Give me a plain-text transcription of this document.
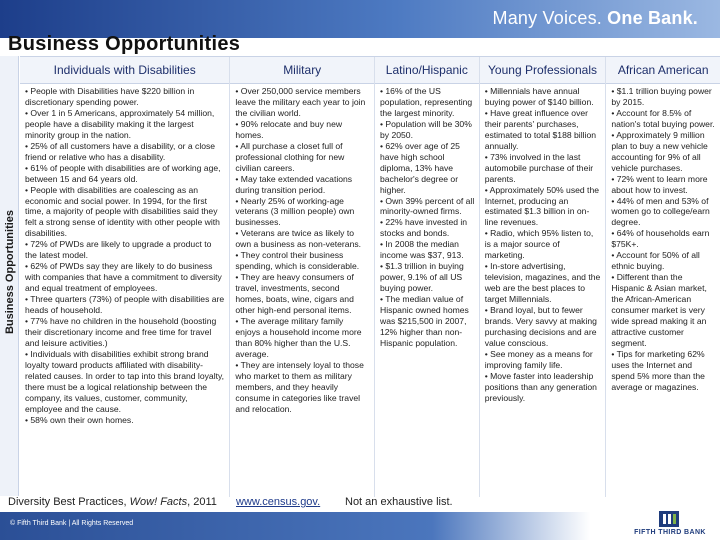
Many Voices. One Bank.
Business Opportunities
Business Opportunities
Individuals with Disabilities

• People with Disabilities have $220 billion in discretionary spending power.

• Over 1 in 5 Americans, approximately 54 million, people have a disability making it the largest minority group in the nation.

• 25% of all customers have a disability, or a close friend or relative who has a disability.

• 61% of people with disabilities are of working age, between 15 and 64 years old.

• People with disabilities are coalescing as an economic and social power. In 1994, for the first time, a majority of people with disabilities said they felt a strong sense of identity with other people with disabilities.

• 72% of PWDs are likely to upgrade a product to the latest model.

• 62% of PWDs say they are likely to do business with companies that have a commitment to diversity and equal treatment of employees.

• Three quarters (73%) of people with disabilities are heads of household.

• 77% have no children in the household (boosting their discretionary income and free time for travel and leisure activities.)

• Individuals with disabilities exhibit strong brand loyalty toward products affiliated with disability-related causes. In order to tap into this brand loyalty, there must be a logical relationship between the company, its values, customer, community, employee and the cause.

• 58% own their own homes.

Military

• Over 250,000 service members leave the military each year to join the civilian world.

• 90% relocate and buy new homes.

• All purchase a closet full of professional clothing for new civilian careers.

• May take extended vacations during transition period.

• Nearly 25% of working-age veterans (3 million people) own businesses.

• Veterans are twice as likely to own a business as non-veterans.

• They control their business spending, which is considerable.

• They are heavy consumers of travel, investments, second homes, boats, wine, cigars and other high-end personal items.

• The average military family enjoys a household income more than 80% higher than the U.S. average.

• They are intensely loyal to those who market to them as military members, and they heavily consume in categories like travel and relocation.

Latino/Hispanic

• 16% of the US population, representing the largest minority.

• Population will be 30% by 2050.

• 62% over age of 25 have high school diploma, 13% have bachelor's degree or higher.

• Own 39% percent of all minority-owned firms.

• 22% have invested in stocks and bonds.

• In 2008 the median income was $37, 913.

• $1.3 trillion in buying power, 9.1% of all US buying power.

• The median value of Hispanic owned homes was $215,500 in 2007, 12% higher than non-Hispanic population.

Young Professionals

• Millennials have annual buying power of $140 billion.

• Have great influence over their parents' purchases, estimated to total $188 billion annually.

• 73% involved in the last automobile purchase of their parents.

• Approximately 50% used the Internet, producing an estimated $1.3 billion in on-line revenues.

• Radio, which 95% listen to, is a major source of marketing.

• In-store advertising, television, magazines, and the web are the best places to target Millennials.

• Brand loyal, but to fewer brands. Very savvy at making purchasing decisions and are value conscious.

• See money as a means for improving family life.

• Move faster into leadership positions than any generation previously.

African American

• $1.1 trillion buying power by 2015.

• Account for 8.5% of nation's total buying power.

• Approximately 9 million plan to buy a new vehicle accounting for 9% of all vehicle purchases.

• 72% went to learn more about how to invest.

• 44% of men and 53% of women go to college/earn degree.

• 64% of households earn $75K+.

• Account for 50% of all ethnic buying.

• Different than the Hispanic & Asian market, the African-American consumer market is very wide spread making it an attractive customer segment.

• Tips for marketing 62% uses the Internet and spend 5% more than the average or magazines.

Diversity Best Practices, Wow! Facts, 2011 www.census.gov. Not an exhaustive list.
© Fifth Third Bank | All Rights Reserved
FIFTH THIRD BANK
